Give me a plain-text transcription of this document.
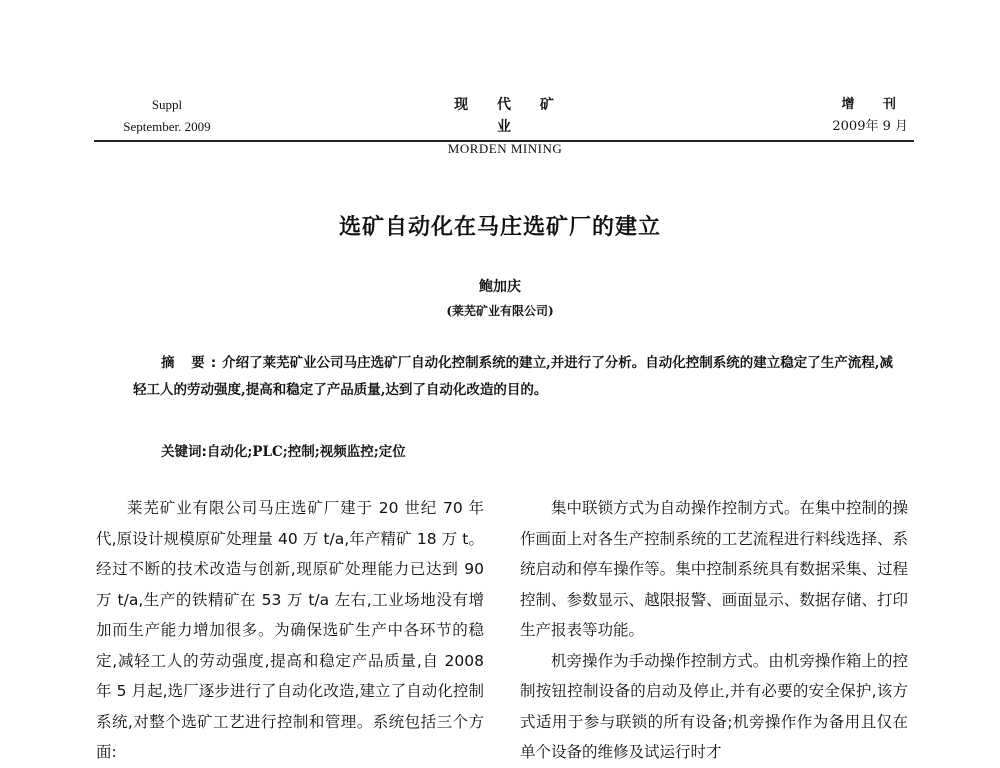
Suppl
September. 2009
现 代 矿 业
MORDEN MINING
增 刊
2009年 9 月
选矿自动化在马庄选矿厂的建立
鲍加庆
(莱芜矿业有限公司)
摘 要:介绍了莱芜矿业公司马庄选矿厂自动化控制系统的建立,并进行了分析。自动化控制系统的建立稳定了生产流程,减轻工人的劳动强度,提高和稳定了产品质量,达到了自动化改造的目的。
关键词:自动化;PLC;控制;视频监控;定位

莱芜矿业有限公司马庄选矿厂建于 20 世纪 70 年代,原设计规模原矿处理量 40 万 t/a,年产精矿 18 万 t。经过不断的技术改造与创新,现原矿处理能力已达到 90 万 t/a,生产的铁精矿在 53 万 t/a 左右,工业场地没有增加而生产能力增加很多。为确保选矿生产中各环节的稳定,减轻工人的劳动强度,提高和稳定产品质量,自 2008 年 5 月起,选厂逐步进行了自动化改造,建立了自动化控制系统,对整个选矿工艺进行控制和管理。系统包括三个方面:

集中联锁方式为自动操作控制方式。在集中控制的操作画面上对各生产控制系统的工艺流程进行料线选择、系统启动和停车操作等。集中控制系统具有数据采集、过程控制、参数显示、越限报警、画面显示、数据存储、打印生产报表等功能。

机旁操作为手动操作控制方式。由机旁操作箱上的控制按钮控制设备的启动及停止,并有必要的安全保护,该方式适用于参与联锁的所有设备;机旁操作作为备用且仅在单个设备的维修及试运行时才
